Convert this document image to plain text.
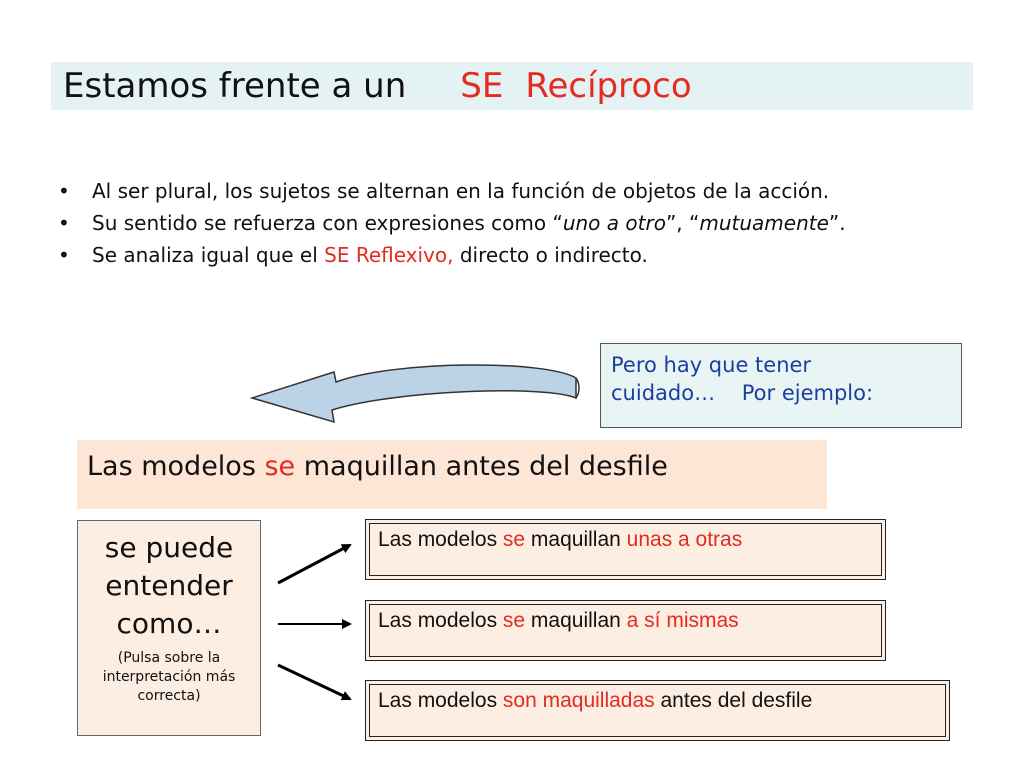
Estamos frente a un SE Recíproco
• Al ser plural, los sujetos se alternan en la función de objetos de la acción.
• Su sentido se refuerza con expresiones como “uno a otro”, “mutuamente”.
• Se analiza igual que el SE Reflexivo, directo o indirecto.
Pero hay que tener
cuidado…    Por ejemplo:
Las modelos se maquillan antes del desfile
se puede entender como…
(Pulsa sobre la interpretación más correcta)
Las modelos se maquillan unas a otras
Las modelos se maquillan a sí mismas
Las modelos son maquilladas antes del desfile
